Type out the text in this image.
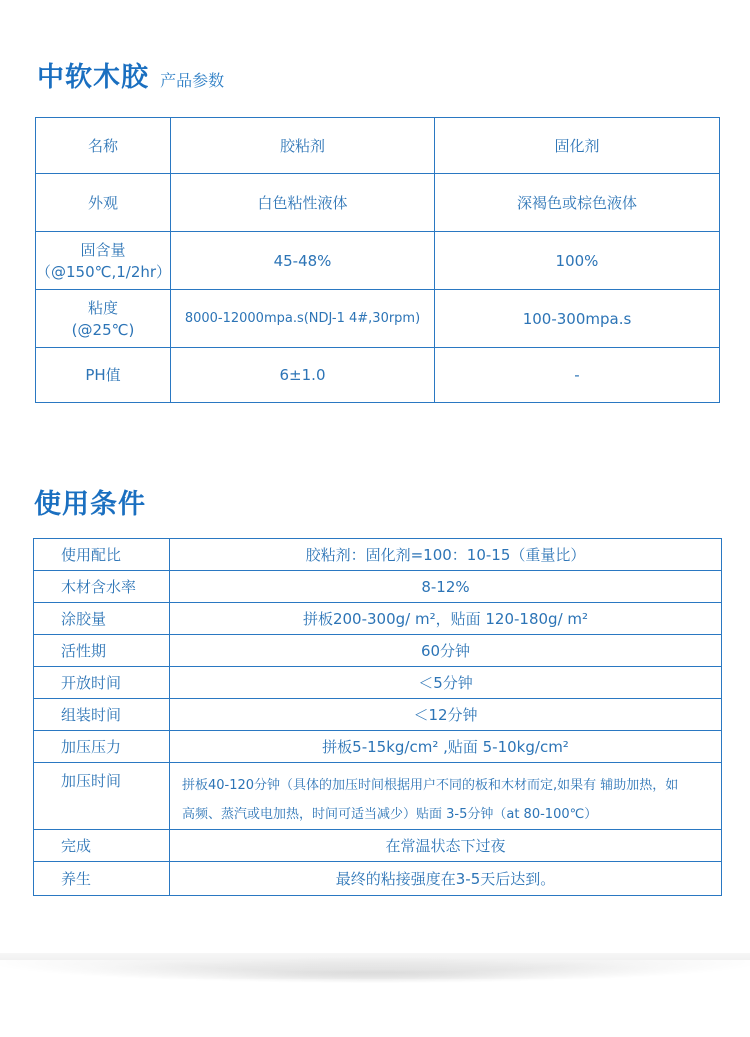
中软木胶 产品参数
名称	胶粘剂	固化剂
外观	白色粘性液体	深褐色或棕色液体

固含量
（@150℃,1/2hr）	45-48%	100%

粘度
(@25℃)	8000-12000mpa.s(NDJ-1 4#,30rpm)	100-300mpa.s
PH值	6±1.0	-
使用条件
使用配比	胶粘剂：固化剂=100：10-15（重量比）
木材含水率	8-12%
涂胶量	拼板200-300g/ m²，贴面 120-180g/ m²
活性期	60分钟
开放时间	＜5分钟
组装时间	＜12分钟
加压压力	拼板5-15kg/cm² ,贴面 5-10kg/cm²
加压时间	拼板40-120分钟（具体的加压时间根据用户不同的板和木材而定,如果有 辅助加热，如
高频、蒸汽或电加热，时间可适当减少）贴面 3-5分钟（at 80-100℃）

完成	在常温状态下过夜
养生	最终的粘接强度在3-5天后达到。
